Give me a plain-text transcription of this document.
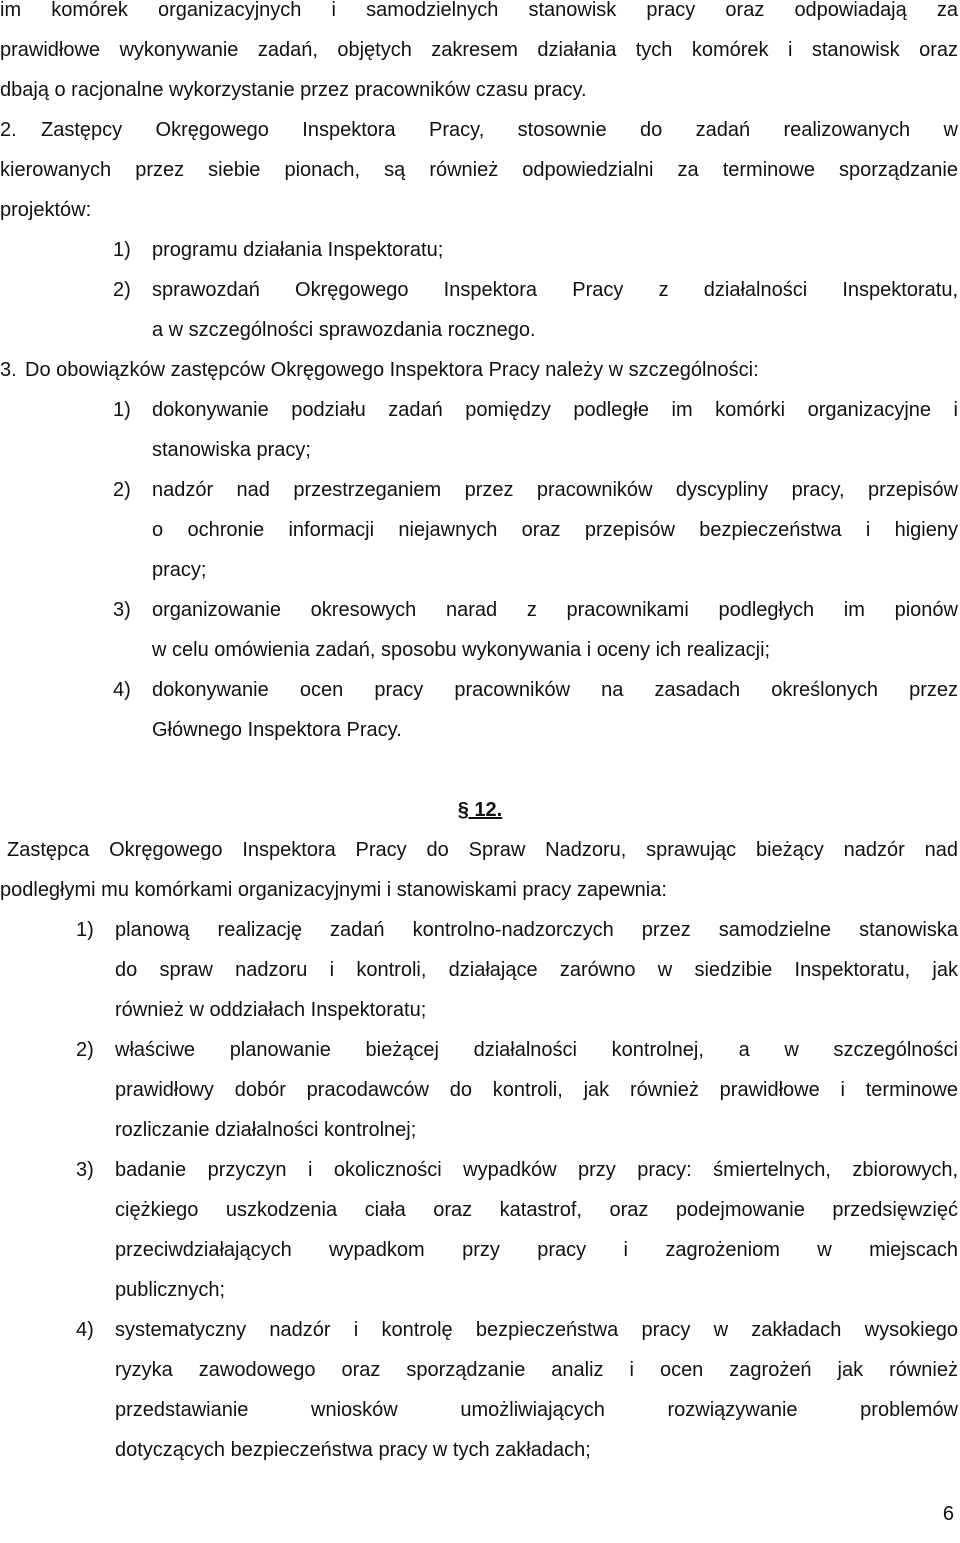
im komórek organizacyjnych i samodzielnych stanowisk pracy oraz odpowiadają za
prawidłowe wykonywanie zadań, objętych zakresem działania tych komórek i stanowisk oraz
dbają o racjonalne wykorzystanie przez pracowników czasu pracy.
2. Zastępcy Okręgowego Inspektora Pracy, stosownie do zadań realizowanych w
kierowanych przez siebie pionach, są również odpowiedzialni za terminowe sporządzanie
projektów:
1) programu działania Inspektoratu;
2) sprawozdań Okręgowego Inspektora Pracy z działalności Inspektoratu,
a w szczególności sprawozdania rocznego.
3. Do obowiązków zastępców Okręgowego Inspektora Pracy należy w szczególności:
1) dokonywanie podziału zadań pomiędzy podległe im komórki organizacyjne i
stanowiska pracy;
2) nadzór nad przestrzeganiem przez pracowników dyscypliny pracy, przepisów
o ochronie informacji niejawnych oraz przepisów bezpieczeństwa i higieny
pracy;
3) organizowanie okresowych narad z pracownikami podległych im pionów
w celu omówienia zadań, sposobu wykonywania i oceny ich realizacji;
4) dokonywanie ocen pracy pracowników na zasadach określonych przez
Głównego Inspektora Pracy.
§ 12.
Zastępca Okręgowego Inspektora Pracy do Spraw Nadzoru, sprawując bieżący nadzór nad
podległymi mu komórkami organizacyjnymi i stanowiskami pracy zapewnia:
1) planową realizację zadań kontrolno-nadzorczych przez samodzielne stanowiska
do spraw nadzoru i kontroli, działające zarówno w siedzibie Inspektoratu, jak
również w oddziałach Inspektoratu;
2) właściwe planowanie bieżącej działalności kontrolnej, a w szczególności
prawidłowy dobór pracodawców do kontroli, jak również prawidłowe i terminowe
rozliczanie działalności kontrolnej;
3) badanie przyczyn i okoliczności wypadków przy pracy: śmiertelnych, zbiorowych,
ciężkiego uszkodzenia ciała oraz katastrof, oraz podejmowanie przedsięwzięć
przeciwdziałających wypadkom przy pracy i zagrożeniom w miejscach
publicznych;
4) systematyczny nadzór i kontrolę bezpieczeństwa pracy w zakładach wysokiego
ryzyka zawodowego oraz sporządzanie analiz i ocen zagrożeń jak również
przedstawianie wniosków umożliwiających rozwiązywanie problemów
dotyczących bezpieczeństwa pracy w tych zakładach;
6
